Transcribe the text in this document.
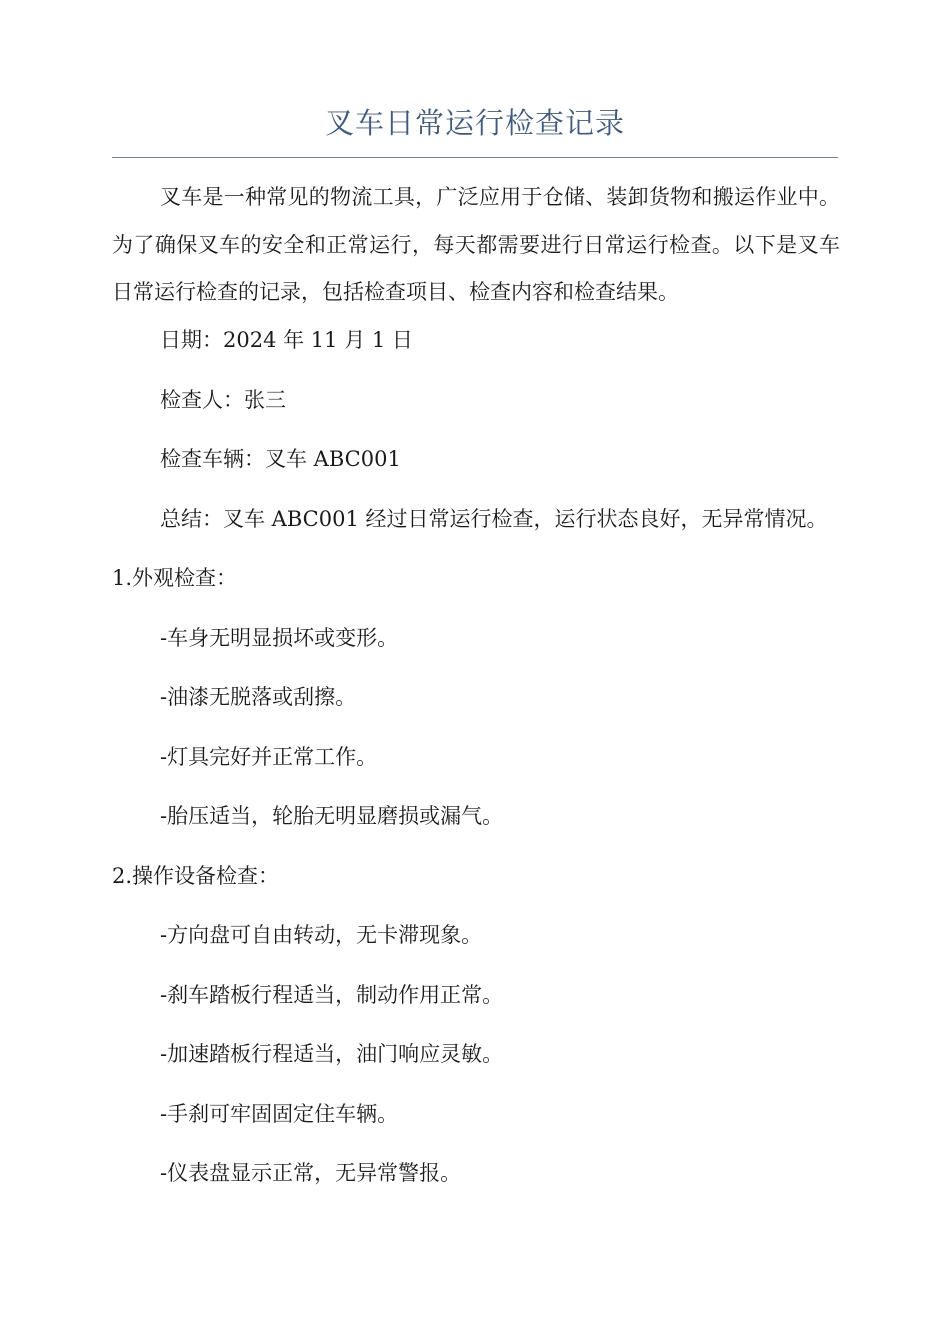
叉车日常运行检查记录

叉车是一种常见的物流工具，广泛应用于仓储、装卸货物和搬运作业中。为了确保叉车的安全和正常运行，每天都需要进行日常运行检查。以下是叉车日常运行检查的记录，包括检查项目、检查内容和检查结果。

日期：2024 年 11 月 1 日

检查人：张三

检查车辆：叉车 ABC001

总结：叉车 ABC001 经过日常运行检查，运行状态良好，无异常情况。

1.外观检查：

-车身无明显损坏或变形。

-油漆无脱落或刮擦。

-灯具完好并正常工作。

-胎压适当，轮胎无明显磨损或漏气。

2.操作设备检查：

-方向盘可自由转动，无卡滞现象。

-刹车踏板行程适当，制动作用正常。

-加速踏板行程适当，油门响应灵敏。

-手刹可牢固固定住车辆。

-仪表盘显示正常，无异常警报。
